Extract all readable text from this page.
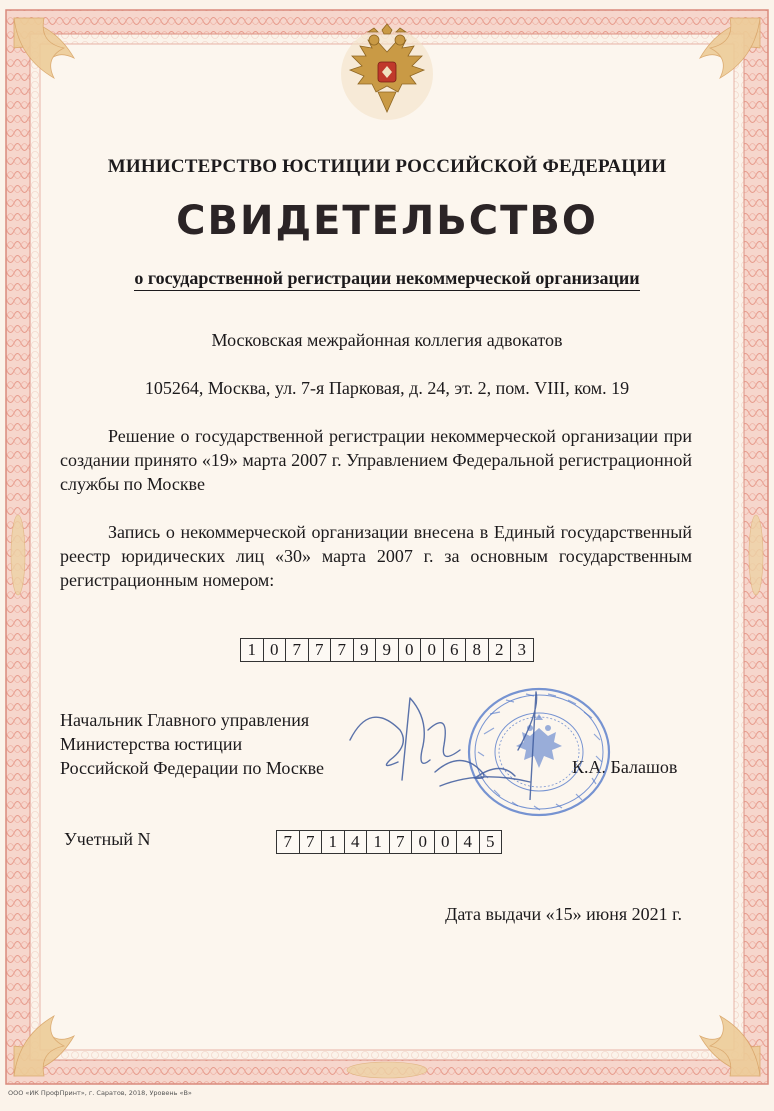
МИНИСТЕРСТВО ЮСТИЦИИ РОССИЙСКОЙ ФЕДЕРАЦИИ
СВИДЕТЕЛЬСТВО
о государственной регистрации некоммерческой организации
Московская межрайонная коллегия адвокатов
105264, Москва, ул. 7-я Парковая, д. 24, эт. 2, пом. VIII, ком. 19
Решение о государственной регистрации некоммерческой организации при создании принято «19» марта 2007 г. Управлением Федеральной регистрационной службы по Москве
Запись о некоммерческой организации внесена в Единый государственный реестр юридических лиц «30» марта 2007 г. за основным государственным регистрационным номером:
1 0 7 7 7 9 9 0 0 6 8 2 3
Начальник Главного управления
Министерства юстиции
Российской Федерации по Москве	К.А. Балашов
Учетный N	7 7 1 4 1 7 0 0 4 5
Дата выдачи «15» июня 2021 г.
ООО «ИК ПрофПринт», г. Саратов, 2018, Уровень «В»
